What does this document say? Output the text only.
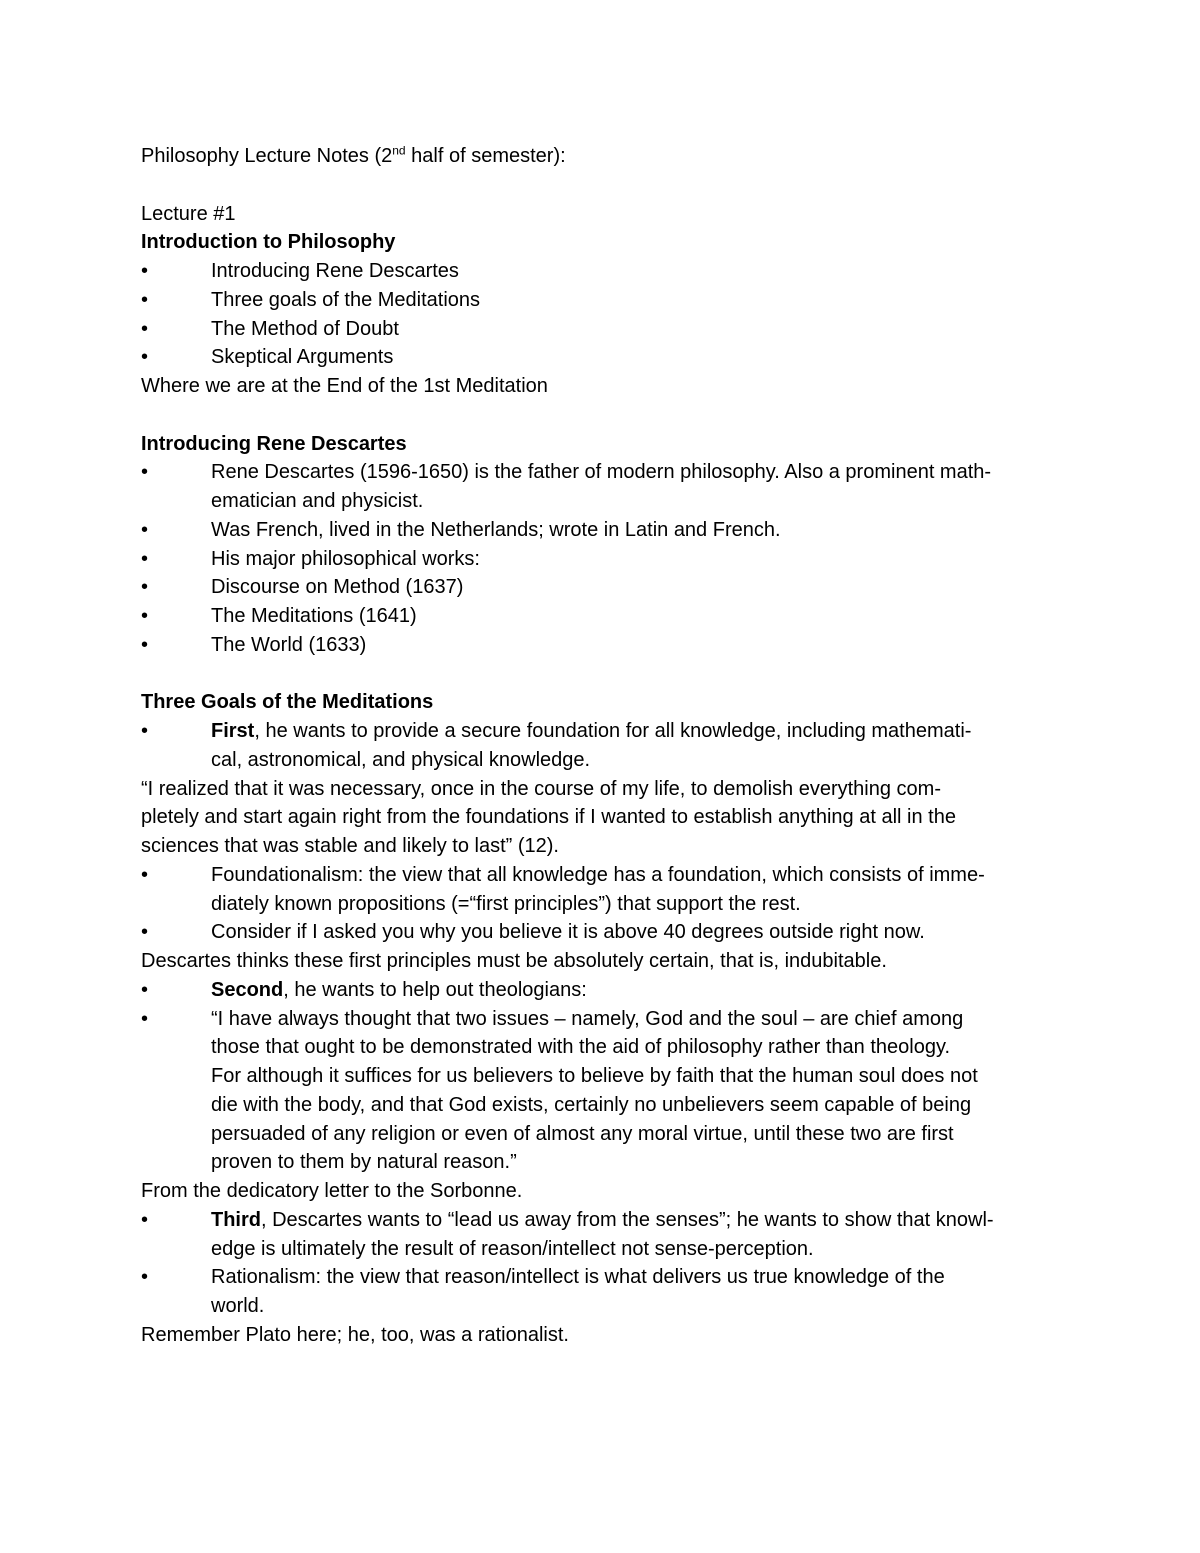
Philosophy Lecture Notes (2nd half of semester):

Lecture #1

Introduction to Philosophy

•	Introducing Rene Descartes
•	Three goals of the Meditations
•	The Method of Doubt
•	Skeptical Arguments

Where we are at the End of the 1st Meditation

Introducing Rene Descartes

•	Rene Descartes (1596-1650) is the father of modern philosophy. Also a prominent math-
ematician and physicist.
•	Was French, lived in the Netherlands; wrote in Latin and French.
•	His major philosophical works:
•	Discourse on Method (1637)
•	The Meditations (1641)
•	The World (1633)

Three Goals of the Meditations

•	First, he wants to provide a secure foundation for all knowledge, including mathemati-
cal, astronomical, and physical knowledge.

“I realized that it was necessary, once in the course of my life, to demolish everything com-

pletely and start again right from the foundations if I wanted to establish anything at all in the

sciences that was stable and likely to last” (12).

•	Foundationalism: the view that all knowledge has a foundation, which consists of imme-
diately known propositions (=“first principles”) that support the rest.
•	Consider if I asked you why you believe it is above 40 degrees outside right now.

Descartes thinks these first principles must be absolutely certain, that is, indubitable.

•	Second, he wants to help out theologians:
•	“I have always thought that two issues – namely, God and the soul – are chief among
those that ought to be demonstrated with the aid of philosophy rather than theology.
For although it suffices for us believers to believe by faith that the human soul does not
die with the body, and that God exists, certainly no unbelievers seem capable of being
persuaded of any religion or even of almost any moral virtue, until these two are first
proven to them by natural reason.”

From the dedicatory letter to the Sorbonne.

•	Third, Descartes wants to “lead us away from the senses”; he wants to show that knowl-
edge is ultimately the result of reason/intellect not sense-perception.
•	Rationalism: the view that reason/intellect is what delivers us true knowledge of the
world.

Remember Plato here; he, too, was a rationalist.
